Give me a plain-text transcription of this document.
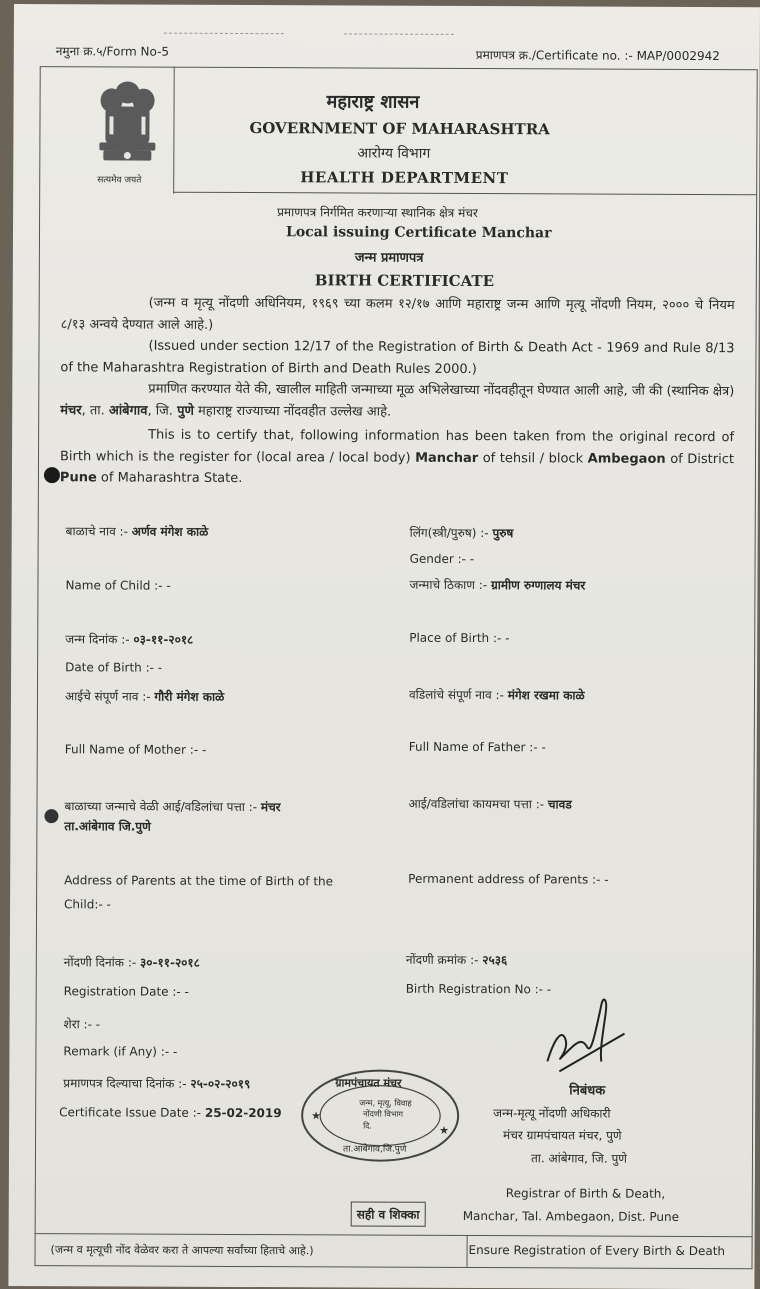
नमुना क्र.५/Form No-5	प्रमाणपत्र क्र./Certificate no. :- MAP/0002942
सत्यमेव जयते
महाराष्ट्र शासन
GOVERNMENT OF MAHARASHTRA
आरोग्य विभाग
HEALTH DEPARTMENT
प्रमाणपत्र निर्गमित करणाऱ्या स्थानिक क्षेत्र मंचर
Local issuing Certificate Manchar
जन्म प्रमाणपत्र
BIRTH CERTIFICATE
(जन्म व मृत्यू नोंदणी अधिनियम, १९६९ च्या कलम १२/१७ आणि महाराष्ट्र जन्म आणि मृत्यू नोंदणी नियम, २००० चे नियम ८/१३ अन्वये देण्यात आले आहे.)
(Issued under section 12/17 of the Registration of Birth & Death Act - 1969 and Rule 8/13 of the Maharashtra Registration of Birth and Death Rules 2000.)
प्रमाणित करण्यात येते की, खालील माहिती जन्माच्या मूळ अभिलेखाच्या नोंदवहीतून घेण्यात आली आहे, जी की (स्थानिक क्षेत्र) मंचर, ता. आंबेगाव, जि. पुणे महाराष्ट्र राज्याच्या नोंदवहीत उल्लेख आहे.
This is to certify that, following information has been taken from the original record of Birth which is the register for (local area / local body) Manchar of tehsil / block Ambegaon of District Pune of Maharashtra State.
बाळाचे नाव :- अर्णव मंगेश काळे
Name of Child :- -
जन्म दिनांक :- ०३-११-२०१८
Date of Birth :- -
आईचे संपूर्ण नाव :- गौरी मंगेश काळे
Full Name of Mother :- -
बाळाच्या जन्माचे वेळी आई/वडिलांचा पत्ता :- मंचर
ता.आंबेगाव जि.पुणे
Address of Parents at the time of Birth of the
Child:- -
नोंदणी दिनांक :- ३०-११-२०१८
Registration Date :- -
शेरा :- -
Remark (if Any) :- -
प्रमाणपत्र दिल्याचा दिनांक :- २५-०२-२०१९
Certificate Issue Date :- 25-02-2019
लिंग(स्त्री/पुरुष) :- पुरुष
Gender :- -
जन्माचे ठिकाण :- ग्रामीण रुग्णालय मंचर
Place of Birth :- -
वडिलांचे संपूर्ण नाव :- मंगेश रखमा काळे
Full Name of Father :- -
आई/वडिलांचा कायमचा पत्ता :- चावड
Permanent address of Parents :- -
नोंदणी क्रमांक :- २५३६
Birth Registration No :- -
★
★
ग्रामपंचायत मंचर
जन्म, मृत्यू, विवाह
नोंदणी विभाग
दि.
ता.आंबेगाव,जि.पुणे
निबंधक
जन्म-मृत्यू नोंदणी अधिकारी
मंचर ग्रामपंचायत मंचर, पुणे
ता. आंबेगाव, जि. पुणे
Registrar of Birth & Death,
Manchar, Tal. Ambegaon, Dist. Pune
सही व शिक्का
(जन्म व मृत्यूची नोंद वेळेवर करा ते आपल्या सर्वांच्या हिताचे आहे.)	Ensure Registration of Every Birth & Death
